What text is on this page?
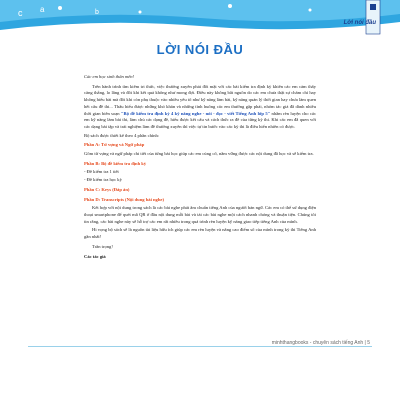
c a	b
Lời nói đầu
LỜI NÓI ĐẦU

Các em học sinh thân mến!

Trên hành trình tìm kiếm tri thức, việc thường xuyên phải đối mặt với các bài kiểm tra định kỳ khiến các em cảm thấy căng thẳng, lo lắng và đôi khi kết quả không như mong đợi. Điều này không bắt nguồn do các em chưa thật sự chăm chỉ hay không hiểu bài mà đôi khi còn phụ thuộc vào nhiều yếu tố như kỹ năng làm bài, kỹ năng quản lý thời gian hay chưa làm quen hết cấu đề thi... Thấu hiểu được những khó khăn và những tình huống các em thường gặp phải, nhóm tác giả đã dành nhiều thời gian biên soạn "Bộ đề kiểm tra định kỳ 4 kỹ năng nghe - nói - đọc - viết Tiếng Anh lớp 5" nhằm rèn luyện cho các em kỹ năng làm bài thi, làm chủ các dạng đề, hiểu được kết cấu và cách thức ra đề của từng kỳ thi. Khi các em đã quen với các dạng bài tập và trải nghiệm làm đề thường xuyên thì việc tự tin bước vào các kỳ thi là điều hiển nhiên có được.

Bộ sách được thiết kế theo 4 phần chính:

Phần A: Từ vựng và Ngữ pháp

Gồm từ vựng và ngữ pháp chi tiết của từng bài học giúp các em củng cố, nắm vững được các nội dung đã học và sẽ kiểm tra.

Phần B: Bộ đề kiểm tra định kỳ

- Đề kiểm tra 1 tiết

- Đề kiểm tra học kỳ

Phần C: Keys (Đáp án)

Phần D: Transcripts (Nội dung bài nghe)

Kết hợp với nội dung trong sách là các bài nghe phát âm chuẩn tiếng Anh của người bản ngữ. Các em có thể sử dụng điện thoại smartphone để quét mã QR ở đầu nội dung mỗi bài và tải các bài nghe một cách nhanh chóng và thuận tiện. Chúng tôi tin rằng, các bài nghe này sẽ hỗ trợ các em rất nhiều trong quá trình rèn luyện kỹ năng giao tiếp tiếng Anh của mình.

Hi vọng bộ sách sẽ là nguồn tài liệu hữu ích giúp các em rèn luyện và nâng cao điểm số của mình trong kỳ thi Tiếng Anh gần nhất!

Trân trọng!

Các tác giả

minhthangbooks - chuyên sách tiếng Anh | 5
